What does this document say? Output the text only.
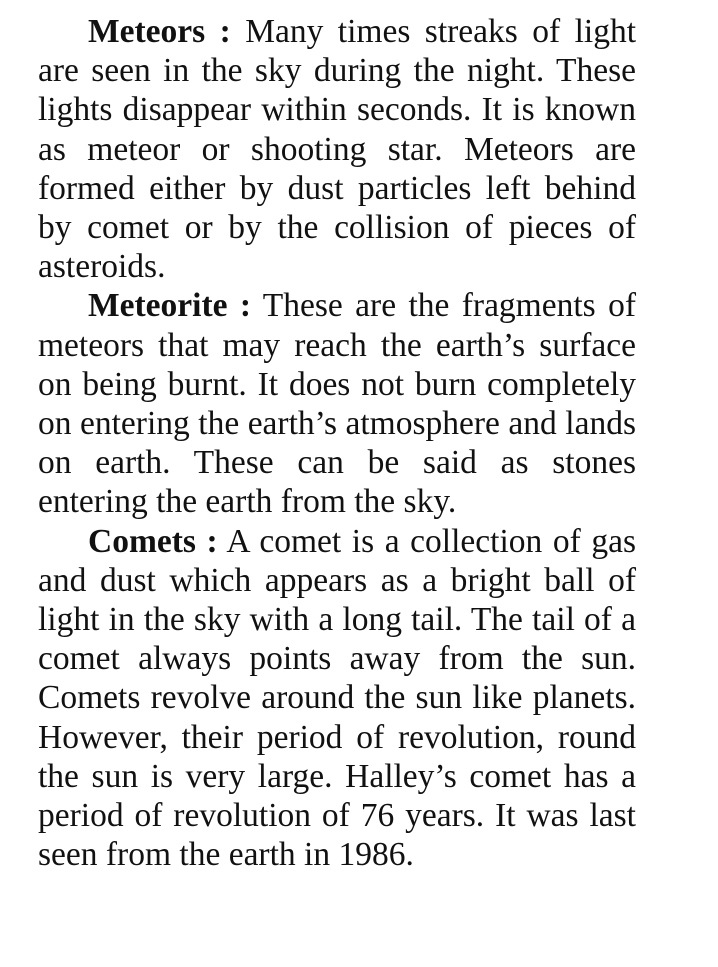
Meteors : Many times streaks of light are seen in the sky during the night. These lights disappear within seconds. It is known as meteor or shooting star. Meteors are formed either by dust particles left behind by comet or by the collision of pieces of asteroids.

Meteorite : These are the fragments of meteors that may reach the earth’s surface on being burnt. It does not burn completely on entering the earth’s atmosphere and lands on earth. These can be said as stones entering the earth from the sky.

Comets : A comet is a collection of gas and dust which appears as a bright ball of light in the sky with a long tail. The tail of a comet always points away from the sun. Comets revolve around the sun like planets. However, their period of revolution, round the sun is very large. Halley’s comet has a period of revolution of 76 years. It was last seen from the earth in 1986.
